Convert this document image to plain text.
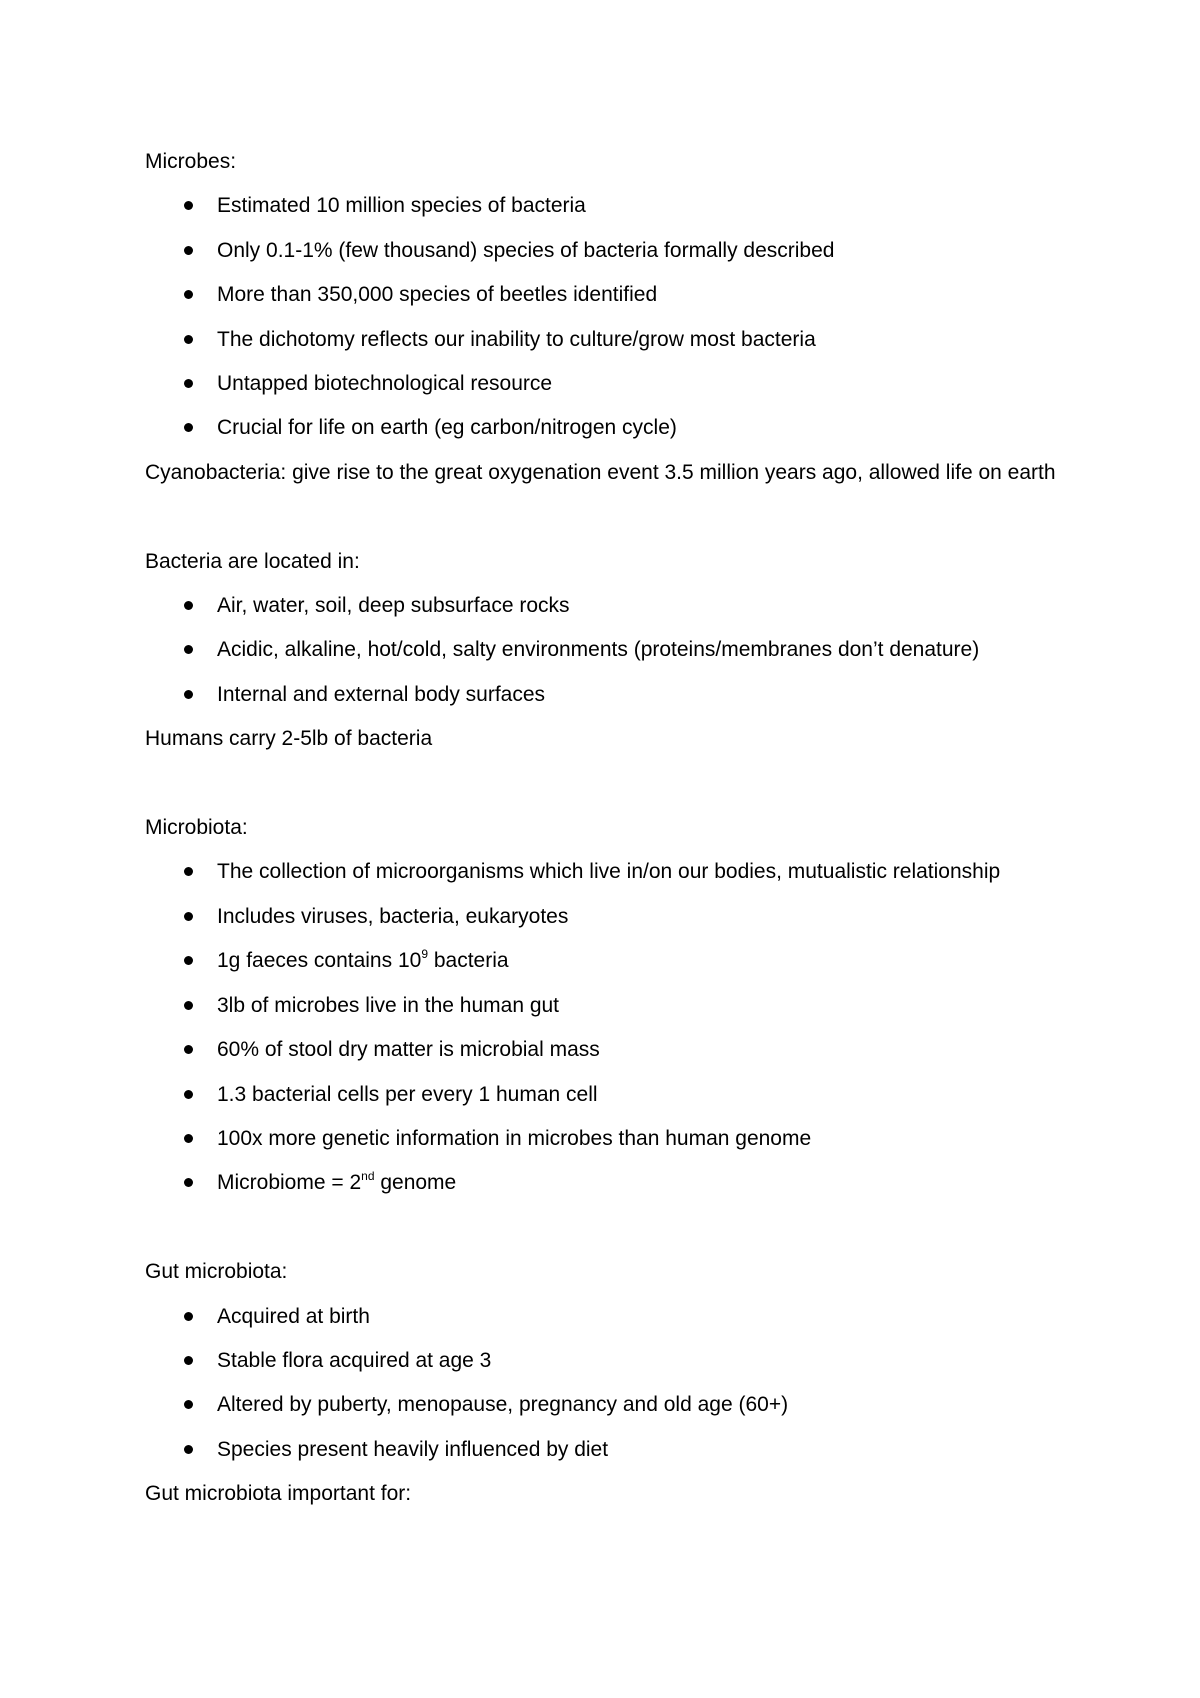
Microbes:

Estimated 10 million species of bacteria
Only 0.1-1% (few thousand) species of bacteria formally described
More than 350,000 species of beetles identified
The dichotomy reflects our inability to culture/grow most bacteria
Untapped biotechnological resource
Crucial for life on earth (eg carbon/nitrogen cycle)

Cyanobacteria: give rise to the great oxygenation event 3.5 million years ago, allowed life on earth

Bacteria are located in:

Air, water, soil, deep subsurface rocks
Acidic, alkaline, hot/cold, salty environments (proteins/membranes don’t denature)
Internal and external body surfaces

Humans carry 2-5lb of bacteria

Microbiota:

The collection of microorganisms which live in/on our bodies, mutualistic relationship
Includes viruses, bacteria, eukaryotes
1g faeces contains $10^9$ bacteria
3lb of microbes live in the human gut
60% of stool dry matter is microbial mass
1.3 bacterial cells per every 1 human cell
100x more genetic information in microbes than human genome
Microbiome = 2nd genome

Gut microbiota:

Acquired at birth
Stable flora acquired at age 3
Altered by puberty, menopause, pregnancy and old age (60+)
Species present heavily influenced by diet

Gut microbiota important for:
